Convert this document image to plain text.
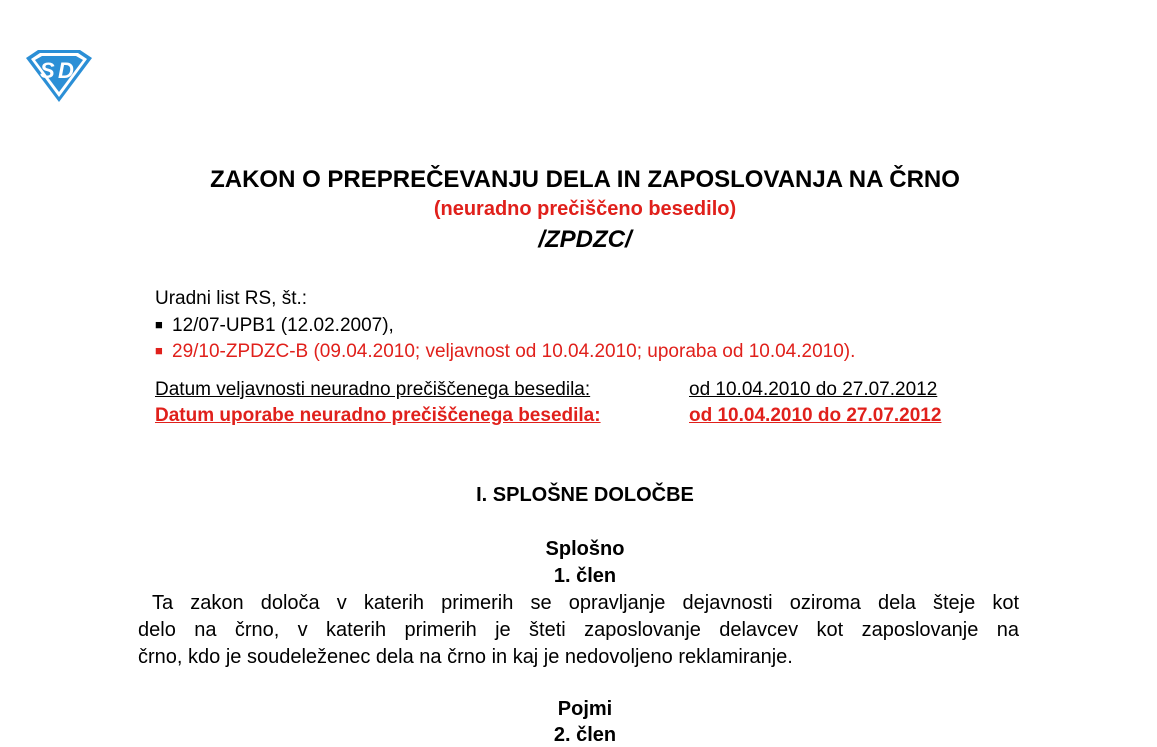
S D
ZAKON O PREPREČEVANJU DELA IN ZAPOSLOVANJA NA ČRNO
(neuradno prečiščeno besedilo)
/ZPDZC/
Uradni list RS, št.:
■ 12/07-UPB1 (12.02.2007),
■ 29/10-ZPDZC-B (09.04.2010; veljavnost od 10.04.2010; uporaba od 10.04.2010).
Datum veljavnosti neuradno prečiščenega besedila:	od 10.04.2010 do 27.07.2012
Datum uporabe neuradno prečiščenega besedila:	od 10.04.2010 do 27.07.2012
I. SPLOŠNE DOLOČBE
Splošno
1. člen
Ta zakon določa v katerih primerih se opravljanje dejavnosti oziroma dela šteje kot
delo na črno, v katerih primerih je šteti zaposlovanje delavcev kot zaposlovanje na
črno, kdo je soudeleženec dela na črno in kaj je nedovoljeno reklamiranje.
Pojmi
2. člen
